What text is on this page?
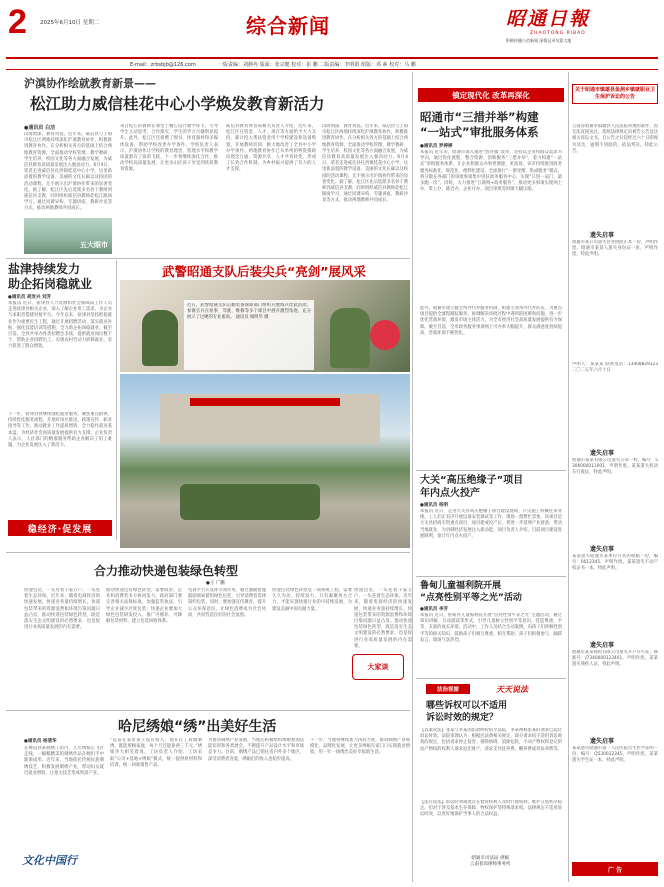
2 2025年6月10日 星期二	综合新闻	昭通日報
ZHAOTONG RIBAO
积极传播公信新闻 深情记录乌蒙大地
E-mail：zrbsbjb@126.com	一版责编：刘静冉 版面：张宗健 校对：崔 鹏 二版责编：李明娟 组版：邓 素 校对：马 鹏
沪滇协作绘就教育新景——
松江助力威信桂花中心小学焕发教育新活力
●通讯员 白洁
山海情深，教育筑基。近年来，威信县与上海市松江区两地持续深化沪滇教育协作，积极推进教育协作。在分析相关各方的基础上结合两地教育资源，全面推动学校管理、教学教研、学生培养、校园文化等各方面融合发展，为威信县教育高质量发展注入强劲动力。6月4日，笔者走进威信县扎西镇桂花中心小学，这里新添置的教学设备、美丽的文化长廊以及校园的活动课程，无不展示出沪滇协作带来的显著变化。据了解，松江区先后选派多名骨干教师到威信县支教，同时组织威信县教师赴松江跟岗学习，通过同课异构、专题讲座、教研沙龙等方式，推动两地教师共同成长。
五大眼市
来自松江的教师在课堂上精心设计教学环节，引导学生主动思考、合作探究，学生的学习兴趣明显提升。此外，松江区还捐赠了图书、体育器材和多媒体设备，帮助学校改善办学条件。学校负责人表示，沪滇协作让学校的教育理念、管理水平和教学质量都有了质的飞跃，下一步将继续深化合作，推动学校高质量发展，让更多山区孩子享受到优质教育资源。
威信县教育体育局相关负责人介绍，近年来，松江区在资金、人才、项目等方面给予大力支持，累计投入帮扶资金用于学校建设和设备购置，开展教师培训，极大地改善了全县中小学办学条件。两地教育协作已从单纯的物资援助向理念互通、资源共享、人才共育转变，形成了长效合作机制，为乡村振兴提供了有力的人才支撑。
山海情深，教育筑基。近年来，威信县与上海市松江区两地持续深化沪滇教育协作，积极推进教育协作。在分析相关各方的基础上结合两地教育资源，全面推动学校管理、教学教研、学生培养、校园文化等各方面融合发展，为威信县教育高质量发展注入强劲动力。6月4日，笔者走进威信县扎西镇桂花中心小学，这里新添置的教学设备、美丽的文化长廊以及校园的活动课程，无不展示出沪滇协作带来的显著变化。据了解，松江区先后选派多名骨干教师到威信县支教，同时组织威信县教师赴松江跟岗学习，通过同课异构、专题讲座、教研沙龙等方式，推动两地教师共同成长。
盐津持续发力
助企拓岗稳就业
●通讯员 胡发兴 刘芳
本报讯 近日，盐津县人力资源和社会保障局工作人员走进盐津县相关企业，深入了解企业用工需求，为企业与求职者搭建对接平台。今年以来，盐津县坚持把稳就业作为重要民生工程，通过开展招聘活动、落实就业补贴、强化技能培训等措施，全力助企拓岗稳就业。截至目前，全县共举办各类招聘会多场，提供就业岗位数千个，帮助企业招聘员工，实现农村劳动力转移就业，有力促进了群众增收。
下一步，盐津县将继续强化就业服务，聚焦重点群体，持续优化服务流程，开展好岗位推送、政策宣传、职业指导等工作，推动就业工作提质增效，全力稳住就业基本盘，为经济社会高质量发展提供有力支撑。企业负责人表示，人社部门的精准服务帮助企业解决了用工难题，为企业发展注入了新活力。
稳经济·促发展
武警昭通支队后装尖兵“亮剑”展风采
近日，武警昭通支队后勤装备保障部门组织开展练兵比武活动，参赛官兵在炊事、驾驶、维修等多个课目中展开激烈角逐，充分展示了过硬的专业素质。 通讯员 闻明华 摄
合力推动快递包装绿色转型
●王 广鹏
快递包装，一头连着千家万户，一头连着生态环保。近年来，随着电商经济的快速发展，快递业务量持续增长，快递包装带来的资源浪费和环境污染问题日益凸显。推动快递包装绿色转型，既是落实生态文明建设的必然要求，也是促进行业高质量发展的内在需要。
推动快递包装绿色转型，需要政府、企业和消费者多方协同发力。政府部门要完善相关法规标准，加强监管执法，引导企业减少过度包装；快递企业要加大绿色包装研发投入，推广可循环、可降解包装材料，建立包装回收体系。
电商平台应发挥引领作用，通过激励措施鼓励商家使用绿色包装，引导消费者选择简约包装。同时，要加强宣传教育，提升公众环保意识，让绿色消费成为社会风尚，共同营造良好的社会氛围。
快递包装绿色转型是一项系统工程，需要久久为功、持续发力。只有凝聚各方合力，才能实现快递行业的可持续发展，为建设美丽中国贡献力量。
快递包装，一头连着千家万户，一头连着生态环保。近年来，随着电商经济的快速发展，快递业务量持续增长，快递包装带来的资源浪费和环境污染问题日益凸显。推动快递包装绿色转型，既是落实生态文明建设的必然要求，也是促进行业高质量发展的内在需要。
大家谈
哈尼绣娘“绣”出美好生活
●通讯员 杨清华
在彝良县某刺绣工坊内，几名绣娘正飞针走线，一幅幅精美的刺绣作品在她们手中渐渐成形。近年来，当地依托传统民族刺绣技艺，积极发展刺绣产业，带动妇女就近就业增收，让指尖技艺变成致富产业。
“以前在家带孩子没有收入，现在在工坊做刺绣，既能照顾家庭，每个月还能挣两三千元。”绣娘李大姐笑着说。工坊负责人介绍，工坊采取“公司+基地+绣娘”模式，统一提供原材料和培训，统一回收销售产品。
为推动刺绣产业发展，当地还积极组织绣娘参加技能培训和各类展会，不断提升产品设计水平和市场竞争力。目前，刺绣产品已销往省内外多个地区，深受消费者喜爱，绣娘们的收入也稳步提高。
下一步，当地将继续加大扶持力度，推动刺绣产业规模化、品牌化发展，让更多绣娘在家门口实现就业增收，用一针一线绣出美好幸福新生活。
文化中国行
镇定现代化 改革再深化
昭通市“三措并举”构建
“一站式”审批服务体系
●通讯员 罗婷婷
本报讯 近年来，昭通市深入推进“放管服”改革，坚持以企业和群众需求为导向，通过优化流程、整合资源、创新服务“三措并举”，着力构建“一站式”审批服务体系，让企业和群众办事更便捷、更高效。该市持续推进政务服务标准化、规范化、便利化建设，全面推行“一窗受理、集成服务”模式，将分散在各部门的审批事项集中进驻政务服务中心，实现“只进一扇门、最多跑一次”。同时，大力推进“互联网+政务服务”，推动更多事项实现网上办、掌上办、就近办，企业开办、项目审批等时限大幅压缩。
此外，昭通市建立健全帮办代办服务机制，组建专业帮办代办队伍，为重点项目提供全流程跟踪服务，协调解决审批过程中遇到的困难和问题，进一步优化营商环境，激发市场主体活力，为全市经济社会高质量发展提供有力保障。截至目前，全市政务服务事项网上可办率大幅提升，群众满意度持续提高，营商环境不断优化。
大关“高压绝缘子”项目
年内点火投产
●通讯员 杨明
本报讯 近日，走进大关县高压绝缘子项目建设现场，只见施工机械往来穿梭，工人们正有序开展设备安装调试等工作，现场一派繁忙景象。该项目是大关县招商引资重点项目，项目建成投产后，将进一步延伸产业链条，带动当地就业，为县域经济发展注入新动能。项目负责人介绍，目前项目建设进展顺利，预计年内点火投产。
鲁甸儿童福利院开展
“点亮性别平等之光”活动
●通讯员 李芳
本报讯 近日，鲁甸县儿童福利院开展“点亮性别平等之光”主题活动，通过知识讲解、互动游戏等形式，引导儿童树立性别平等意识，营造尊重、平等、友爱的成长环境。活动中，工作人员结合生动案例，向孩子们讲解性别平等的相关知识，鼓励孩子们相互尊重、相互帮助，孩子们积极参与、踊跃发言，现场气氛热烈。
法治视窗	天天说法
哪些诉权可以不适用
诉讼时效的规定？
【以案说法】张某与李某因借款纠纷诉至法院，李某辩称张某的请求已超过诉讼时效。法院审理认为，根据民法典相关规定，部分请求权不适用诉讼时效的规定，包括请求停止侵害、排除妨碍、消除危险，不动产物权和登记的动产物权的权利人请求返还财产，请求支付抚养费、赡养费或者扶养费等。
【法官说法】诉讼时效制度旨在督促权利人及时行使权利，维护交易秩序稳定。但对于涉及基本生存保障、物权保护等特殊请求权，法律规定不适用诉讼时效，以更好地保护当事人的合法权益。
昭通市司法局 供稿
云南普洱律师事务所
关于昭通市镇雄县鱼洞乡镇就职业卫生保护诉讼的公告
云南省昭通市镇雄县人民法院审理的案件，因无法直接送达，依照法律规定向被告公告送达相关诉讼文书。自公告之日起经过六十日即视为送达，逾期不到庭的，依法判决。特此公告。
遗失启事
昭通市某公司遗失营业执照正本一份，声明作废。昭通市某某人遗失身份证一张，声明作废。特此声明。
声明人：某某某 联系电话：13408829123 二〇二五年六月十日
遗失启事
昭通市某某有限公司遗失公章一枚，编号：5306000011001，声明作废。某某遗失机动车行驶证，特此声明。
遗失启事
某某遗失昭通市某单位开具的收据一份，编号：0012345，声明作废。某某遗失不动产权证书一本，特此声明。
遗失启事
昭通市某某商贸有限公司遗失开户许可证，核准号：J7340000123401，声明作废。某某遗失残疾人证，特此声明。
遗失启事
某某遗失昭通市第一人民医院出生医学证明一份，编号：Q530012345，声明作废。某某遗失学生证一本，特此声明。
广 告
